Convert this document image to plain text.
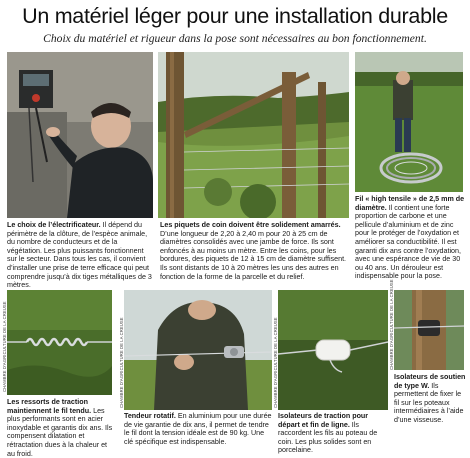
Un matériel léger pour une installation durable
Choix du matériel et rigueur dans la pose sont nécessaires au bon fonctionnement.
Le choix de l’électrificateur. Il dépend du périmètre de la clôture, de l’espèce animale, du nombre de conducteurs et de la végétation. Les plus puissants fonctionnent sur le secteur. Dans tous les cas, il convient d’installer une prise de terre efficace qui peut comprendre jusqu’à dix tiges métalliques de 3 mètres.
Les piquets de coin doivent être solidement amarrés. D’une longueur de 2,20 à 2,40 m pour 20 à 25 cm de diamètres consolidés avec une jambe de force. Ils sont enfoncés à au moins un mètre. Entre les coins, pour les bordures, des piquets de 12 à 15 cm de diamètre suffisent. Ils sont distants de 10 à 20 mètres les uns des autres en fonction de la forme de la parcelle et du relief.
Fil « high tensile » de 2,5 mm de diamètre. Il contient une forte proportion de carbone et une pellicule d’aluminium et de zinc pour le protéger de l’oxydation et améliorer sa conductibilité. Il est garanti dix ans contre l’oxydation, avec une espérance de vie de 30 ou 40 ans. Un dérouleur est indispensable pour la pose.
CHAMBRE D'AGRICULTURE DE LA CREUSE	CHAMBRE D'AGRICULTURE DE LA CREUSE	CHAMBRE D'AGRICULTURE DE LA CREUSE	CHAMBRE D'AGRICULTURE DE LA CREUSE
Les ressorts de traction maintiennent le fil tendu. Les plus performants sont en acier inoxydable et garantis dix ans. Ils compensent dilatation et rétractation dues à la chaleur et au froid.
Tendeur rotatif. En aluminium pour une durée de vie garantie de dix ans, il permet de tendre le fil dont la tension idéale est de 90 kg. Une clé spécifique est indispensable.
Isolateurs de traction pour départ et fin de ligne. Ils raccordent les fils au poteau de coin. Les plus solides sont en porcelaine.
Isolateurs de soutien de type W. Ils permettent de fixer le fil sur les poteaux intermédiaires à l’aide d’une visseuse.
